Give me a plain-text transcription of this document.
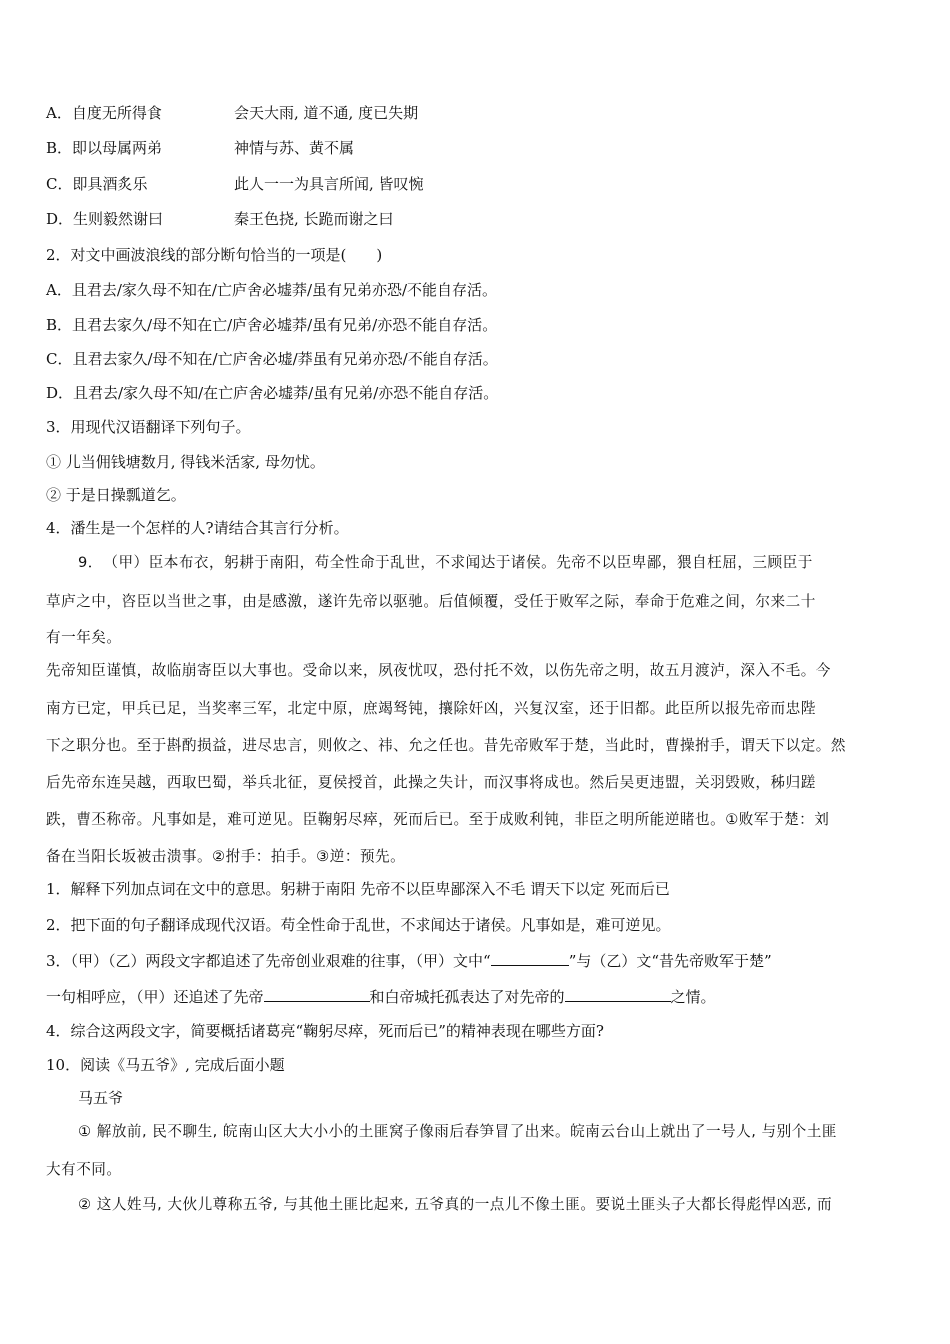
A．自度无所得食	会天大雨, 道不通, 度已失期
B．即以母属两弟	神情与苏、黄不属
C．即具酒炙乐	此人一一为具言所闻, 皆叹惋
D．生则毅然谢曰	秦王色挠, 长跪而谢之曰
2．对文中画波浪线的部分断句恰当的一项是(　　)
A．且君去/家久母不知在/亡庐舍必墟莽/虽有兄弟亦恐/不能自存活。
B．且君去家久/母不知在亡/庐舍必墟莽/虽有兄弟/亦恐不能自存活。
C．且君去家久/母不知在/亡庐舍必墟/莽虽有兄弟亦恐/不能自存活。
D．且君去/家久母不知/在亡庐舍必墟莽/虽有兄弟/亦恐不能自存活。
3．用现代汉语翻译下列句子。
① 儿当佣钱塘数月, 得钱米活家, 母勿忧。
② 于是日操瓢道乞。
4．潘生是一个怎样的人?请结合其言行分析。
9．　（甲）臣本布衣，躬耕于南阳，苟全性命于乱世，不求闻达于诸侯。先帝不以臣卑鄙，猥自枉屈，三顾臣于
草庐之中，咨臣以当世之事，由是感激，遂许先帝以驱驰。后值倾覆，受任于败军之际，奉命于危难之间，尔来二十
有一年矣。
先帝知臣谨慎，故临崩寄臣以大事也。受命以来，夙夜忧叹，恐付托不效，以伤先帝之明，故五月渡泸，深入不毛。今
南方已定，甲兵已足，当奖率三军，北定中原，庶竭驽钝，攘除奸凶，兴复汉室，还于旧都。此臣所以报先帝而忠陛
下之职分也。至于斟酌损益，进尽忠言，则攸之、祎、允之任也。昔先帝败军于楚，当此时，曹操拊手，谓天下以定。然
后先帝东连吴越，西取巴蜀，举兵北征，夏侯授首，此操之失计，而汉事将成也。然后吴更违盟，关羽毁败，秭归蹉
跌，曹丕称帝。凡事如是，难可逆见。臣鞠躬尽瘁，死而后已。至于成败利钝，非臣之明所能逆睹也。①败军于楚：刘
备在当阳长坂被击溃事。②拊手：拍手。③逆：预先。
1．解释下列加点词在文中的意思。躬耕于南阳 先帝不以臣卑鄙深入不毛 谓天下以定 死而后已
2．把下面的句子翻译成现代汉语。苟全性命于乱世，不求闻达于诸侯。凡事如是，难可逆见。
3．（甲）（乙）两段文字都追述了先帝创业艰难的往事，（甲）文中“	”与（乙）文“昔先帝败军于楚”
一句相呼应，（甲）还追述了先帝	和白帝城托孤表达了对先帝的	之情。
4．综合这两段文字，简要概括诸葛亮“鞠躬尽瘁，死而后已”的精神表现在哪些方面?
10．阅读《马五爷》, 完成后面小题
马五爷
① 解放前, 民不聊生, 皖南山区大大小小的土匪窝子像雨后春笋冒了出来。皖南云台山上就出了一号人, 与别个土匪
大有不同。
② 这人姓马, 大伙儿尊称五爷, 与其他土匪比起来, 五爷真的一点儿不像土匪。要说土匪头子大都长得彪悍凶恶, 而
